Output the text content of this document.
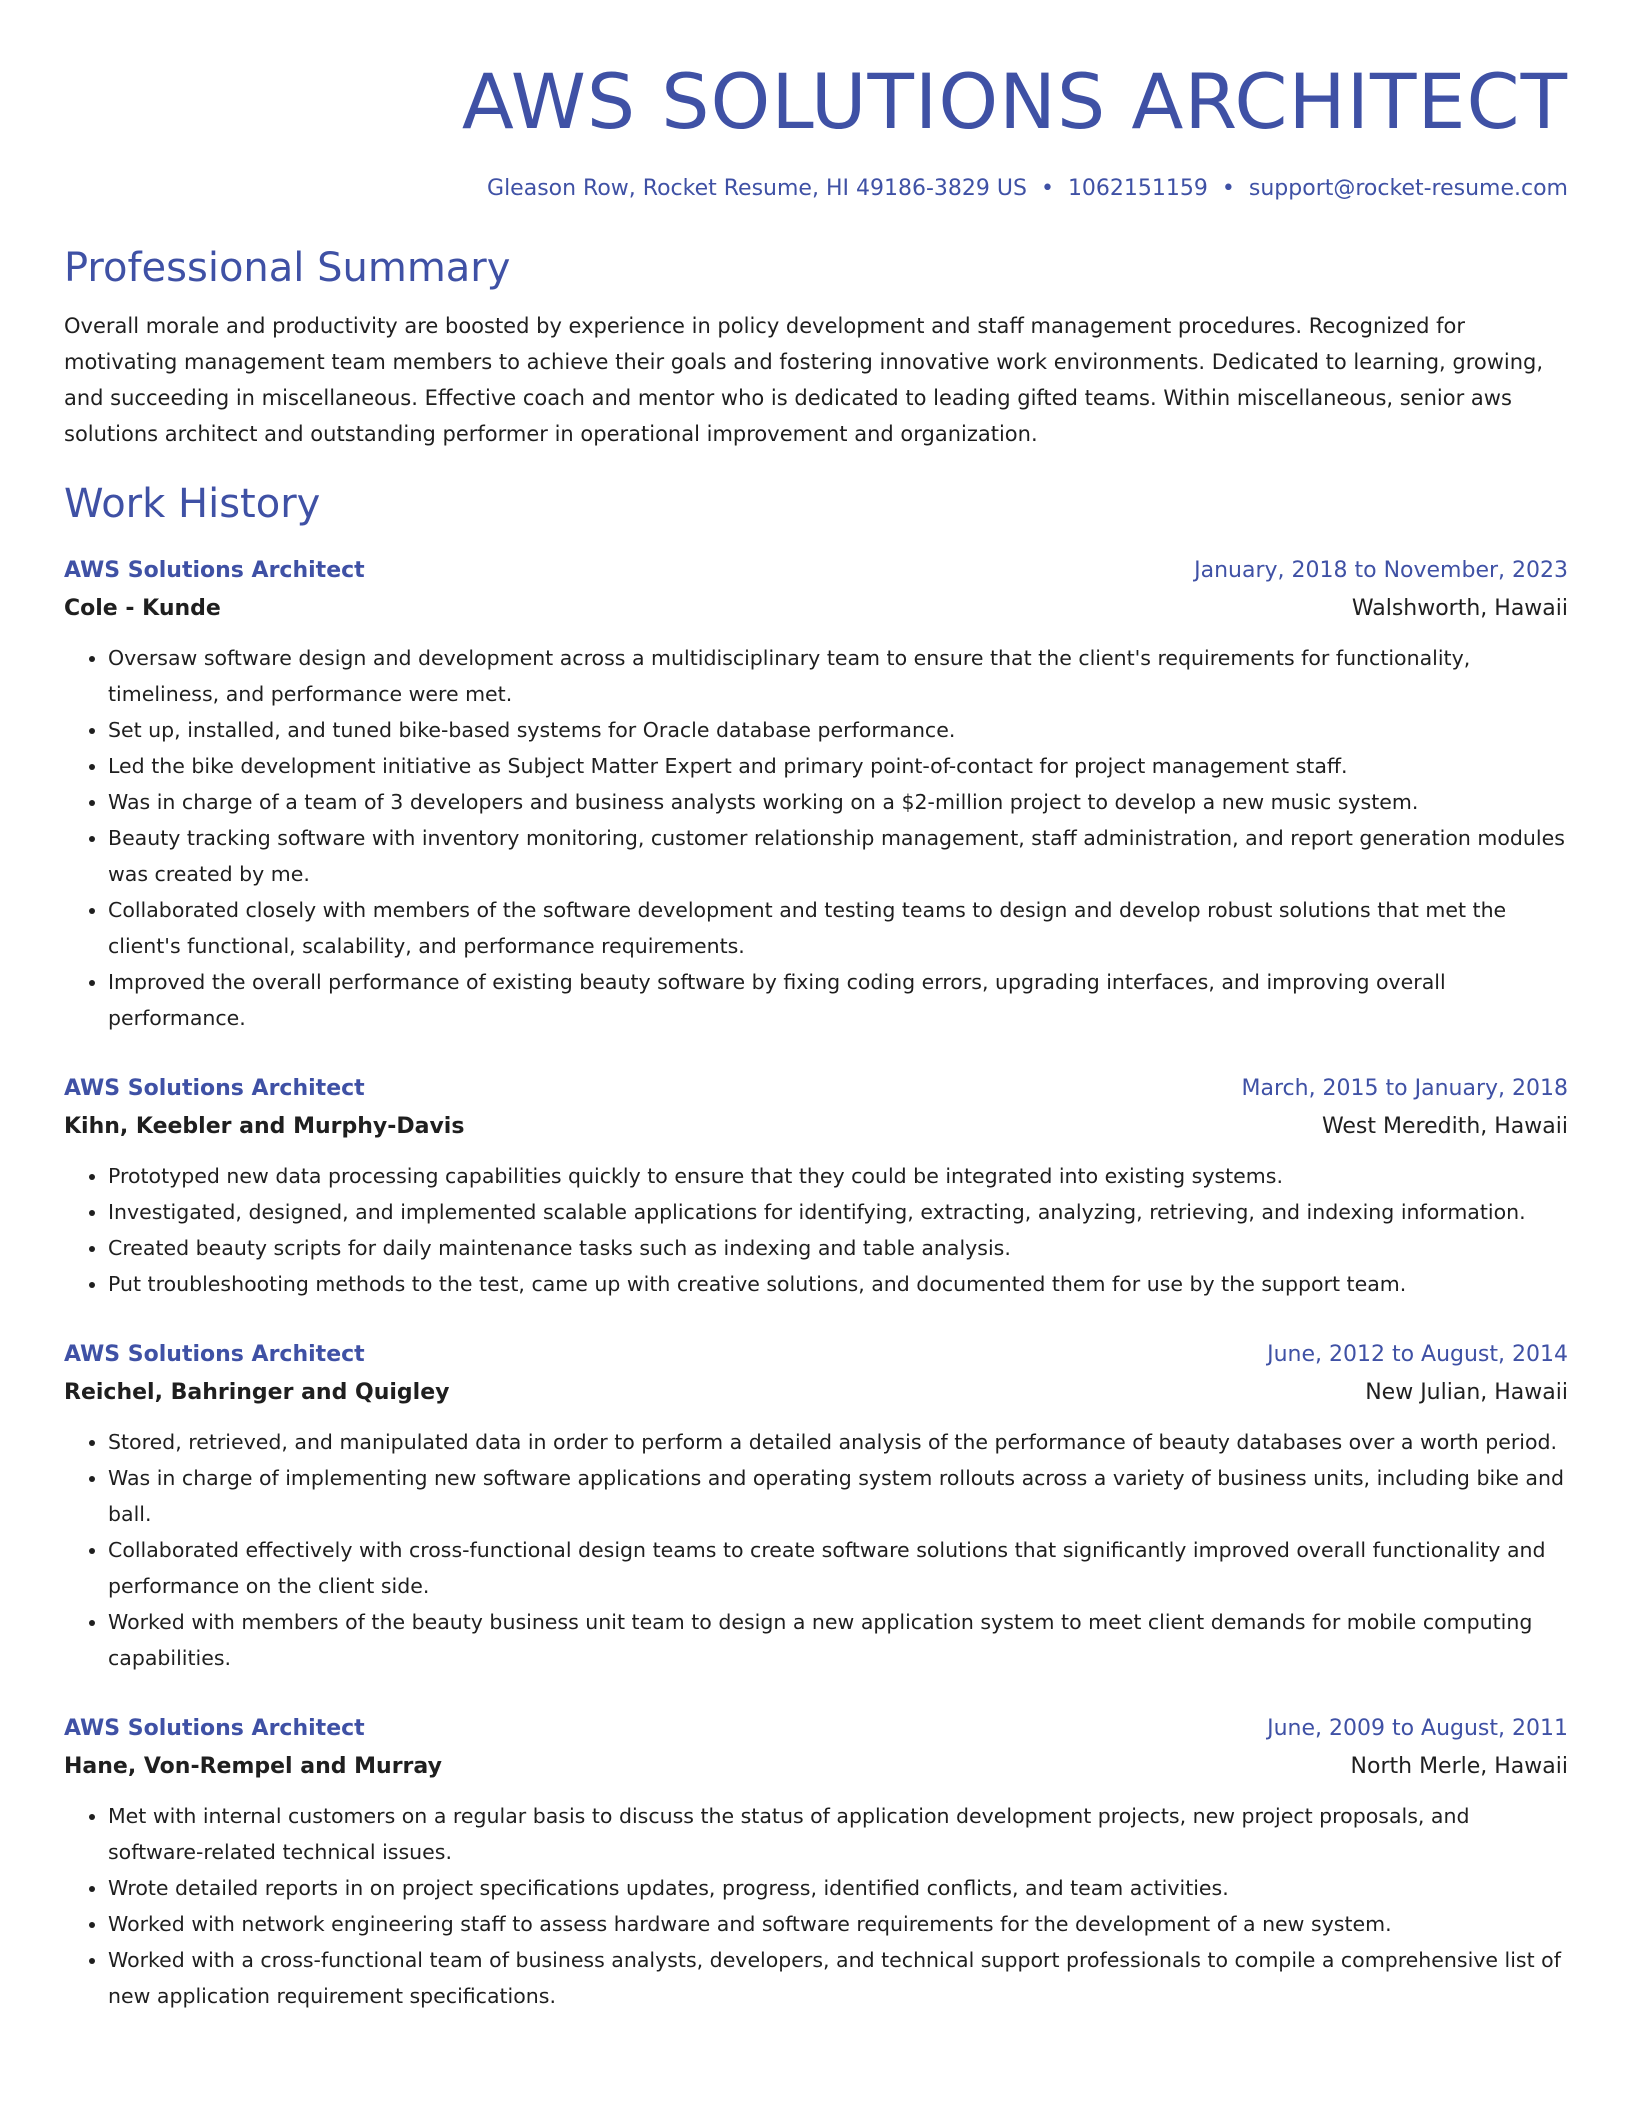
AWS SOLUTIONS ARCHITECT
Gleason Row, Rocket Resume, HI 49186-3829 US • 1062151159 • support@rocket-resume.com
Professional Summary
Overall morale and productivity are boosted by experience in policy development and staff management procedures. Recognized for motivating management team members to achieve their goals and fostering innovative work environments. Dedicated to learning, growing, and succeeding in miscellaneous. Effective coach and mentor who is dedicated to leading gifted teams. Within miscellaneous, senior aws solutions architect and outstanding performer in operational improvement and organization.
Work History
AWS Solutions Architect	January, 2018 to November, 2023
Cole - Kunde	Walshworth, Hawaii
• Oversaw software design and development across a multidisciplinary team to ensure that the client's requirements for functionality, timeliness, and performance were met.
• Set up, installed, and tuned bike-based systems for Oracle database performance.
• Led the bike development initiative as Subject Matter Expert and primary point-of-contact for project management staff.
• Was in charge of a team of 3 developers and business analysts working on a $2-million project to develop a new music system.
• Beauty tracking software with inventory monitoring, customer relationship management, staff administration, and report generation modules was created by me.
• Collaborated closely with members of the software development and testing teams to design and develop robust solutions that met the client's functional, scalability, and performance requirements.
• Improved the overall performance of existing beauty software by fixing coding errors, upgrading interfaces, and improving overall performance.
AWS Solutions Architect	March, 2015 to January, 2018
Kihn, Keebler and Murphy-Davis	West Meredith, Hawaii
• Prototyped new data processing capabilities quickly to ensure that they could be integrated into existing systems.
• Investigated, designed, and implemented scalable applications for identifying, extracting, analyzing, retrieving, and indexing information.
• Created beauty scripts for daily maintenance tasks such as indexing and table analysis.
• Put troubleshooting methods to the test, came up with creative solutions, and documented them for use by the support team.
AWS Solutions Architect	June, 2012 to August, 2014
Reichel, Bahringer and Quigley	New Julian, Hawaii
• Stored, retrieved, and manipulated data in order to perform a detailed analysis of the performance of beauty databases over a worth period.
• Was in charge of implementing new software applications and operating system rollouts across a variety of business units, including bike and ball.
• Collaborated effectively with cross-functional design teams to create software solutions that significantly improved overall functionality and performance on the client side.
• Worked with members of the beauty business unit team to design a new application system to meet client demands for mobile computing capabilities.
AWS Solutions Architect	June, 2009 to August, 2011
Hane, Von-Rempel and Murray	North Merle, Hawaii
• Met with internal customers on a regular basis to discuss the status of application development projects, new project proposals, and software-related technical issues.
• Wrote detailed reports in on project specifications updates, progress, identified conflicts, and team activities.
• Worked with network engineering staff to assess hardware and software requirements for the development of a new system.
• Worked with a cross-functional team of business analysts, developers, and technical support professionals to compile a comprehensive list of new application requirement specifications.
